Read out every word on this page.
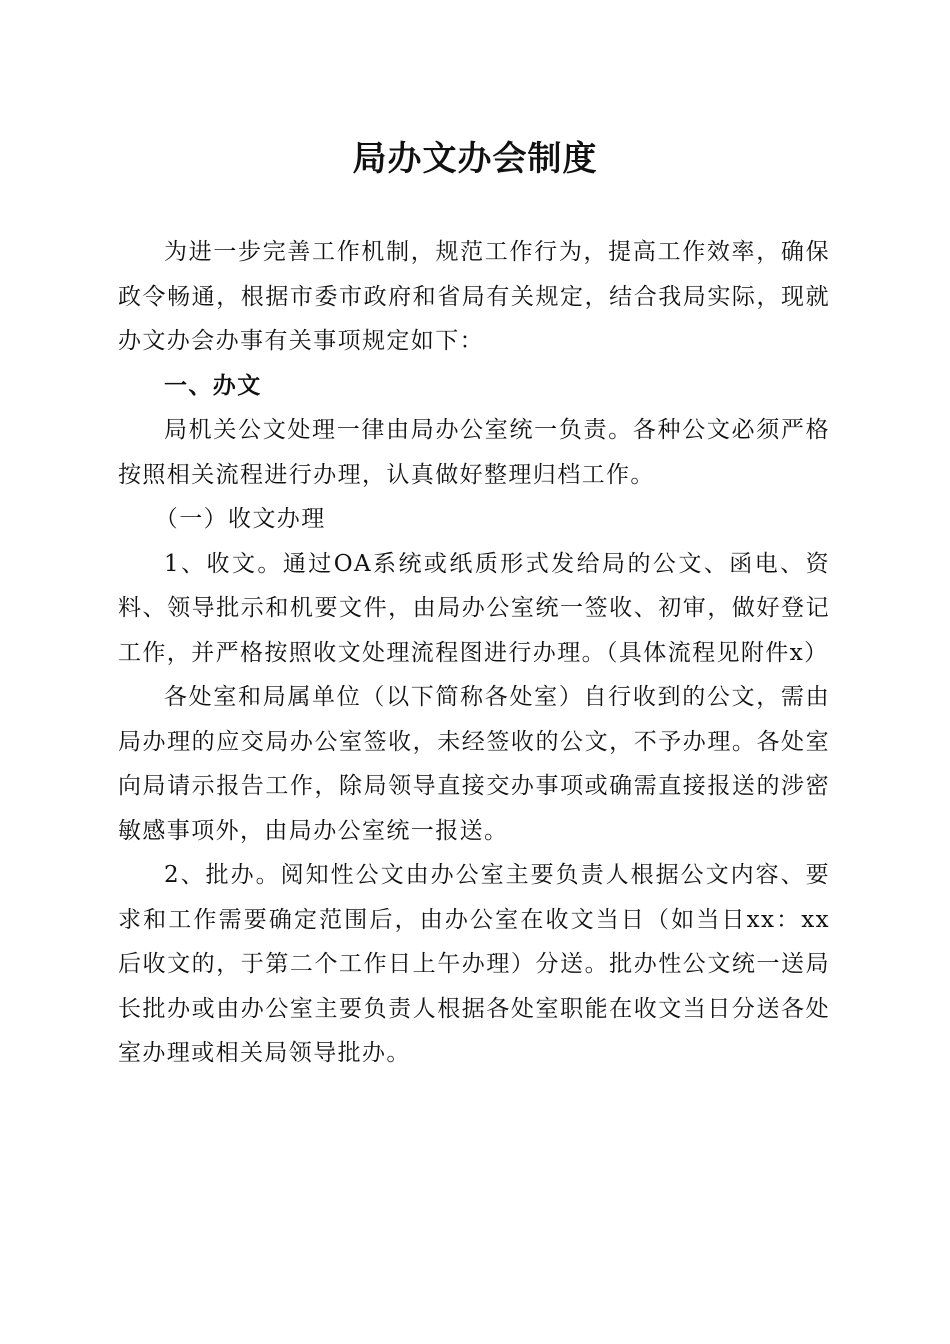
局办文办会制度

为进一步完善工作机制，规范工作行为，提高工作效率，确保政令畅通，根据市委市政府和省局有关规定，结合我局实际，现就办文办会办事有关事项规定如下：

一、办文

局机关公文处理一律由局办公室统一负责。各种公文必须严格按照相关流程进行办理，认真做好整理归档工作。

（一）收文办理

1、收文。通过OA系统或纸质形式发给局的公文、函电、资料、领导批示和机要文件，由局办公室统一签收、初审，做好登记工作，并严格按照收文处理流程图进行办理。（具体流程见附件x）

各处室和局属单位（以下简称各处室）自行收到的公文，需由局办理的应交局办公室签收，未经签收的公文，不予办理。各处室向局请示报告工作，除局领导直接交办事项或确需直接报送的涉密敏感事项外，由局办公室统一报送。

2、批办。阅知性公文由办公室主要负责人根据公文内容、要求和工作需要确定范围后，由办公室在收文当日（如当日xx：xx后收文的，于第二个工作日上午办理）分送。批办性公文统一送局长批办或由办公室主要负责人根据各处室职能在收文当日分送各处室办理或相关局领导批办。
